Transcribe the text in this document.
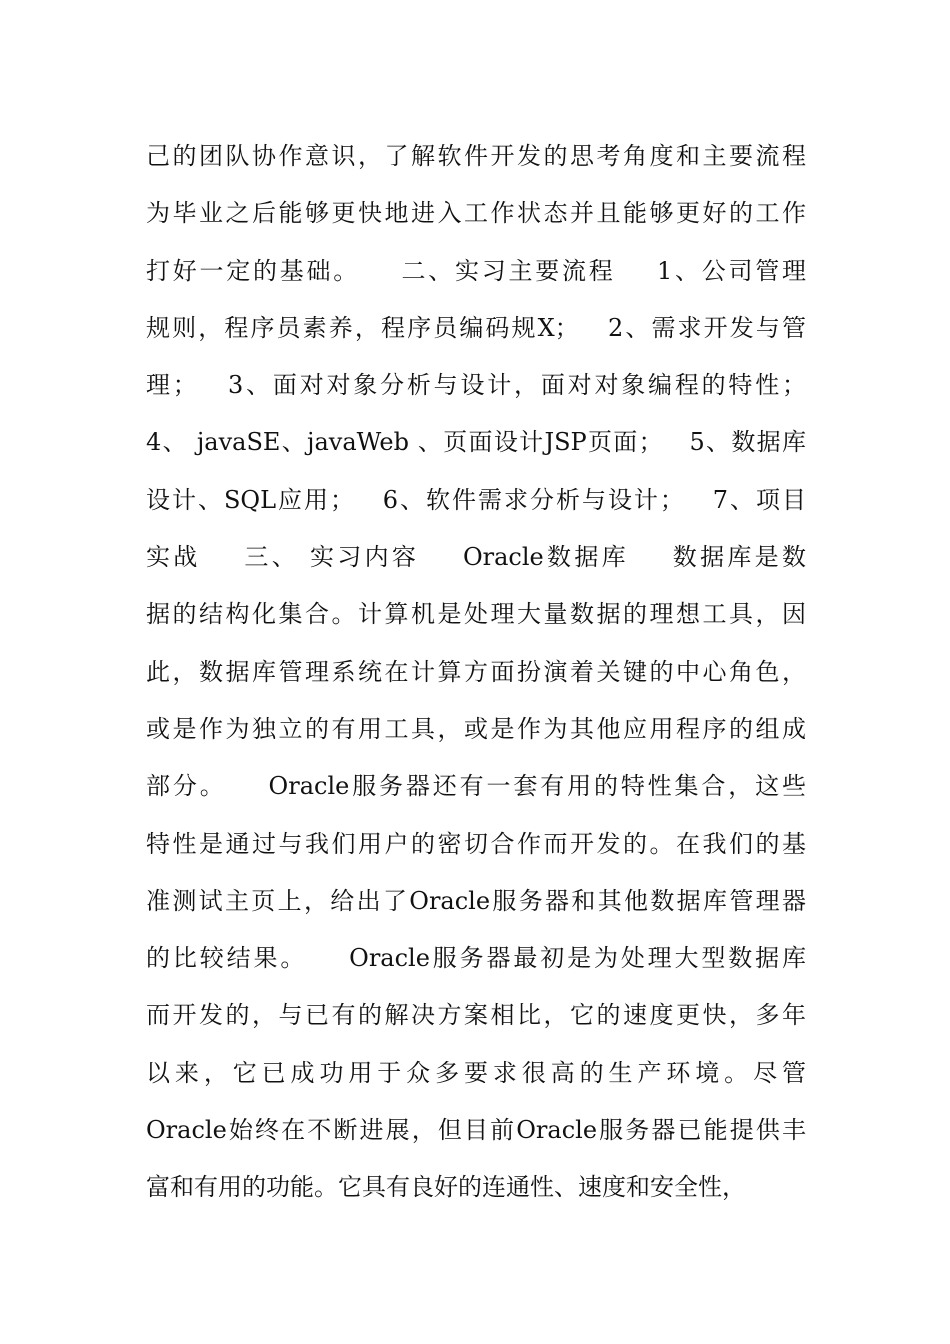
己的团队协作意识，了解软件开发的思考角度和主要流程
为毕业之后能够更快地进入工作状态并且能够更好的工作
打好一定的基础。    二、实习主要流程    1、公司管理
规则，程序员素养，程序员编码规X；   2、需求开发与管
理；   3、面对对象分析与设计，面对对象编程的特性；
4、 javaSE、javaWeb 、页面设计JSP页面；   5、数据库
设计、SQL应用；   6、软件需求分析与设计；   7、项目
实战    三、 实习内容    Oracle数据库    数据库是数
据的结构化集合。计算机是处理大量数据的理想工具，因
此，数据库管理系统在计算方面扮演着关键的中心角色，
或是作为独立的有用工具，或是作为其他应用程序的组成
部分。    Oracle服务器还有一套有用的特性集合，这些
特性是通过与我们用户的密切合作而开发的。在我们的基
准测试主页上，给出了Oracle服务器和其他数据库管理器
的比较结果。    Oracle服务器最初是为处理大型数据库
而开发的，与已有的解决方案相比，它的速度更快，多年
以来，它已成功用于众多要求很高的生产环境。尽管
Oracle始终在不断进展，但目前Oracle服务器已能提供丰
富和有用的功能。它具有良好的连通性、速度和安全性，
